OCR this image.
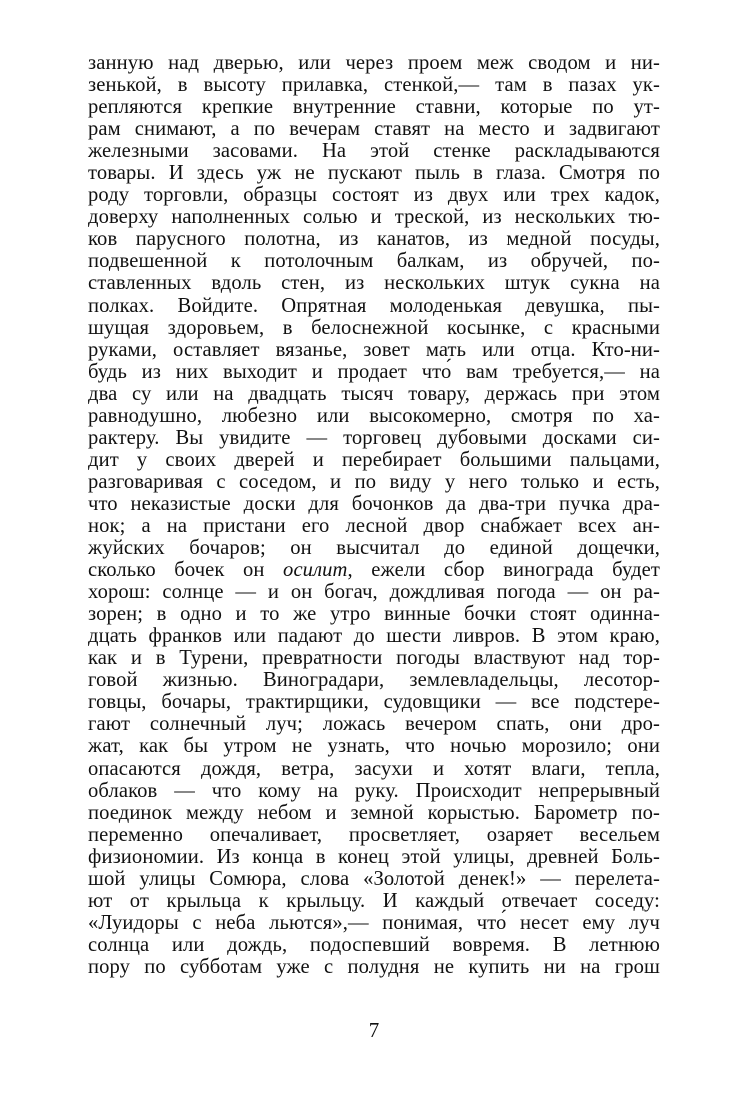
занную над дверью, или через проем меж сводом и ни-
зенькой, в высоту прилавка, стенкой,— там в пазах ук-
репляются крепкие внутренние ставни, которые по ут-
рам снимают, а по вечерам ставят на место и задвигают
железными засовами. На этой стенке раскладываются
товары. И здесь уж не пускают пыль в глаза. Смотря по
роду торговли, образцы состоят из двух или трех кадок,
доверху наполненных солью и треской, из нескольких тю-
ков парусного полотна, из канатов, из медной посуды,
подвешенной к потолочным балкам, из обручей, по-
ставленных вдоль стен, из нескольких штук сукна на
полках. Войдите. Опрятная молоденькая девушка, пы-
шущая здоровьем, в белоснежной косынке, с красными
руками, оставляет вязанье, зовет мать или отца. Кто-ни-
будь из них выходит и продает что́ вам требуется,— на
два су или на двадцать тысяч товару, держась при этом
равнодушно, любезно или высокомерно, смотря по ха-
рактеру. Вы увидите — торговец дубовыми досками си-
дит у своих дверей и перебирает большими пальцами,
разговаривая с соседом, и по виду у него только и есть,
что неказистые доски для бочонков да два-три пучка дра-
нок; а на пристани его лесной двор снабжает всех ан-
жуйских бочаров; он высчитал до единой дощечки,
сколько бочек он осилит, ежели сбор винограда будет
хорош: солнце — и он богач, дождливая погода — он ра-
зорен; в одно и то же утро винные бочки стоят одинна-
дцать франков или падают до шести ливров. В этом краю,
как и в Турени, превратности погоды властвуют над тор-
говой жизнью. Виноградари, землевладельцы, лесотор-
говцы, бочары, трактирщики, судовщики — все подстере-
гают солнечный луч; ложась вечером спать, они дро-
жат, как бы утром не узнать, что ночью морозило; они
опасаются дождя, ветра, засухи и хотят влаги, тепла,
облаков — что кому на руку. Происходит непрерывный
поединок между небом и земной корыстью. Барометр по-
переменно опечаливает, просветляет, озаряет весельем
физиономии. Из конца в конец этой улицы, древней Боль-
шой улицы Сомюра, слова «Золотой денек!» — перелета-
ют от крыльца к крыльцу. И каждый отвечает соседу:
«Луидоры с неба льются»,— понимая, что́ несет ему луч
солнца или дождь, подоспевший вовремя. В летнюю
пору по субботам уже с полудня не купить ни на грош
7
